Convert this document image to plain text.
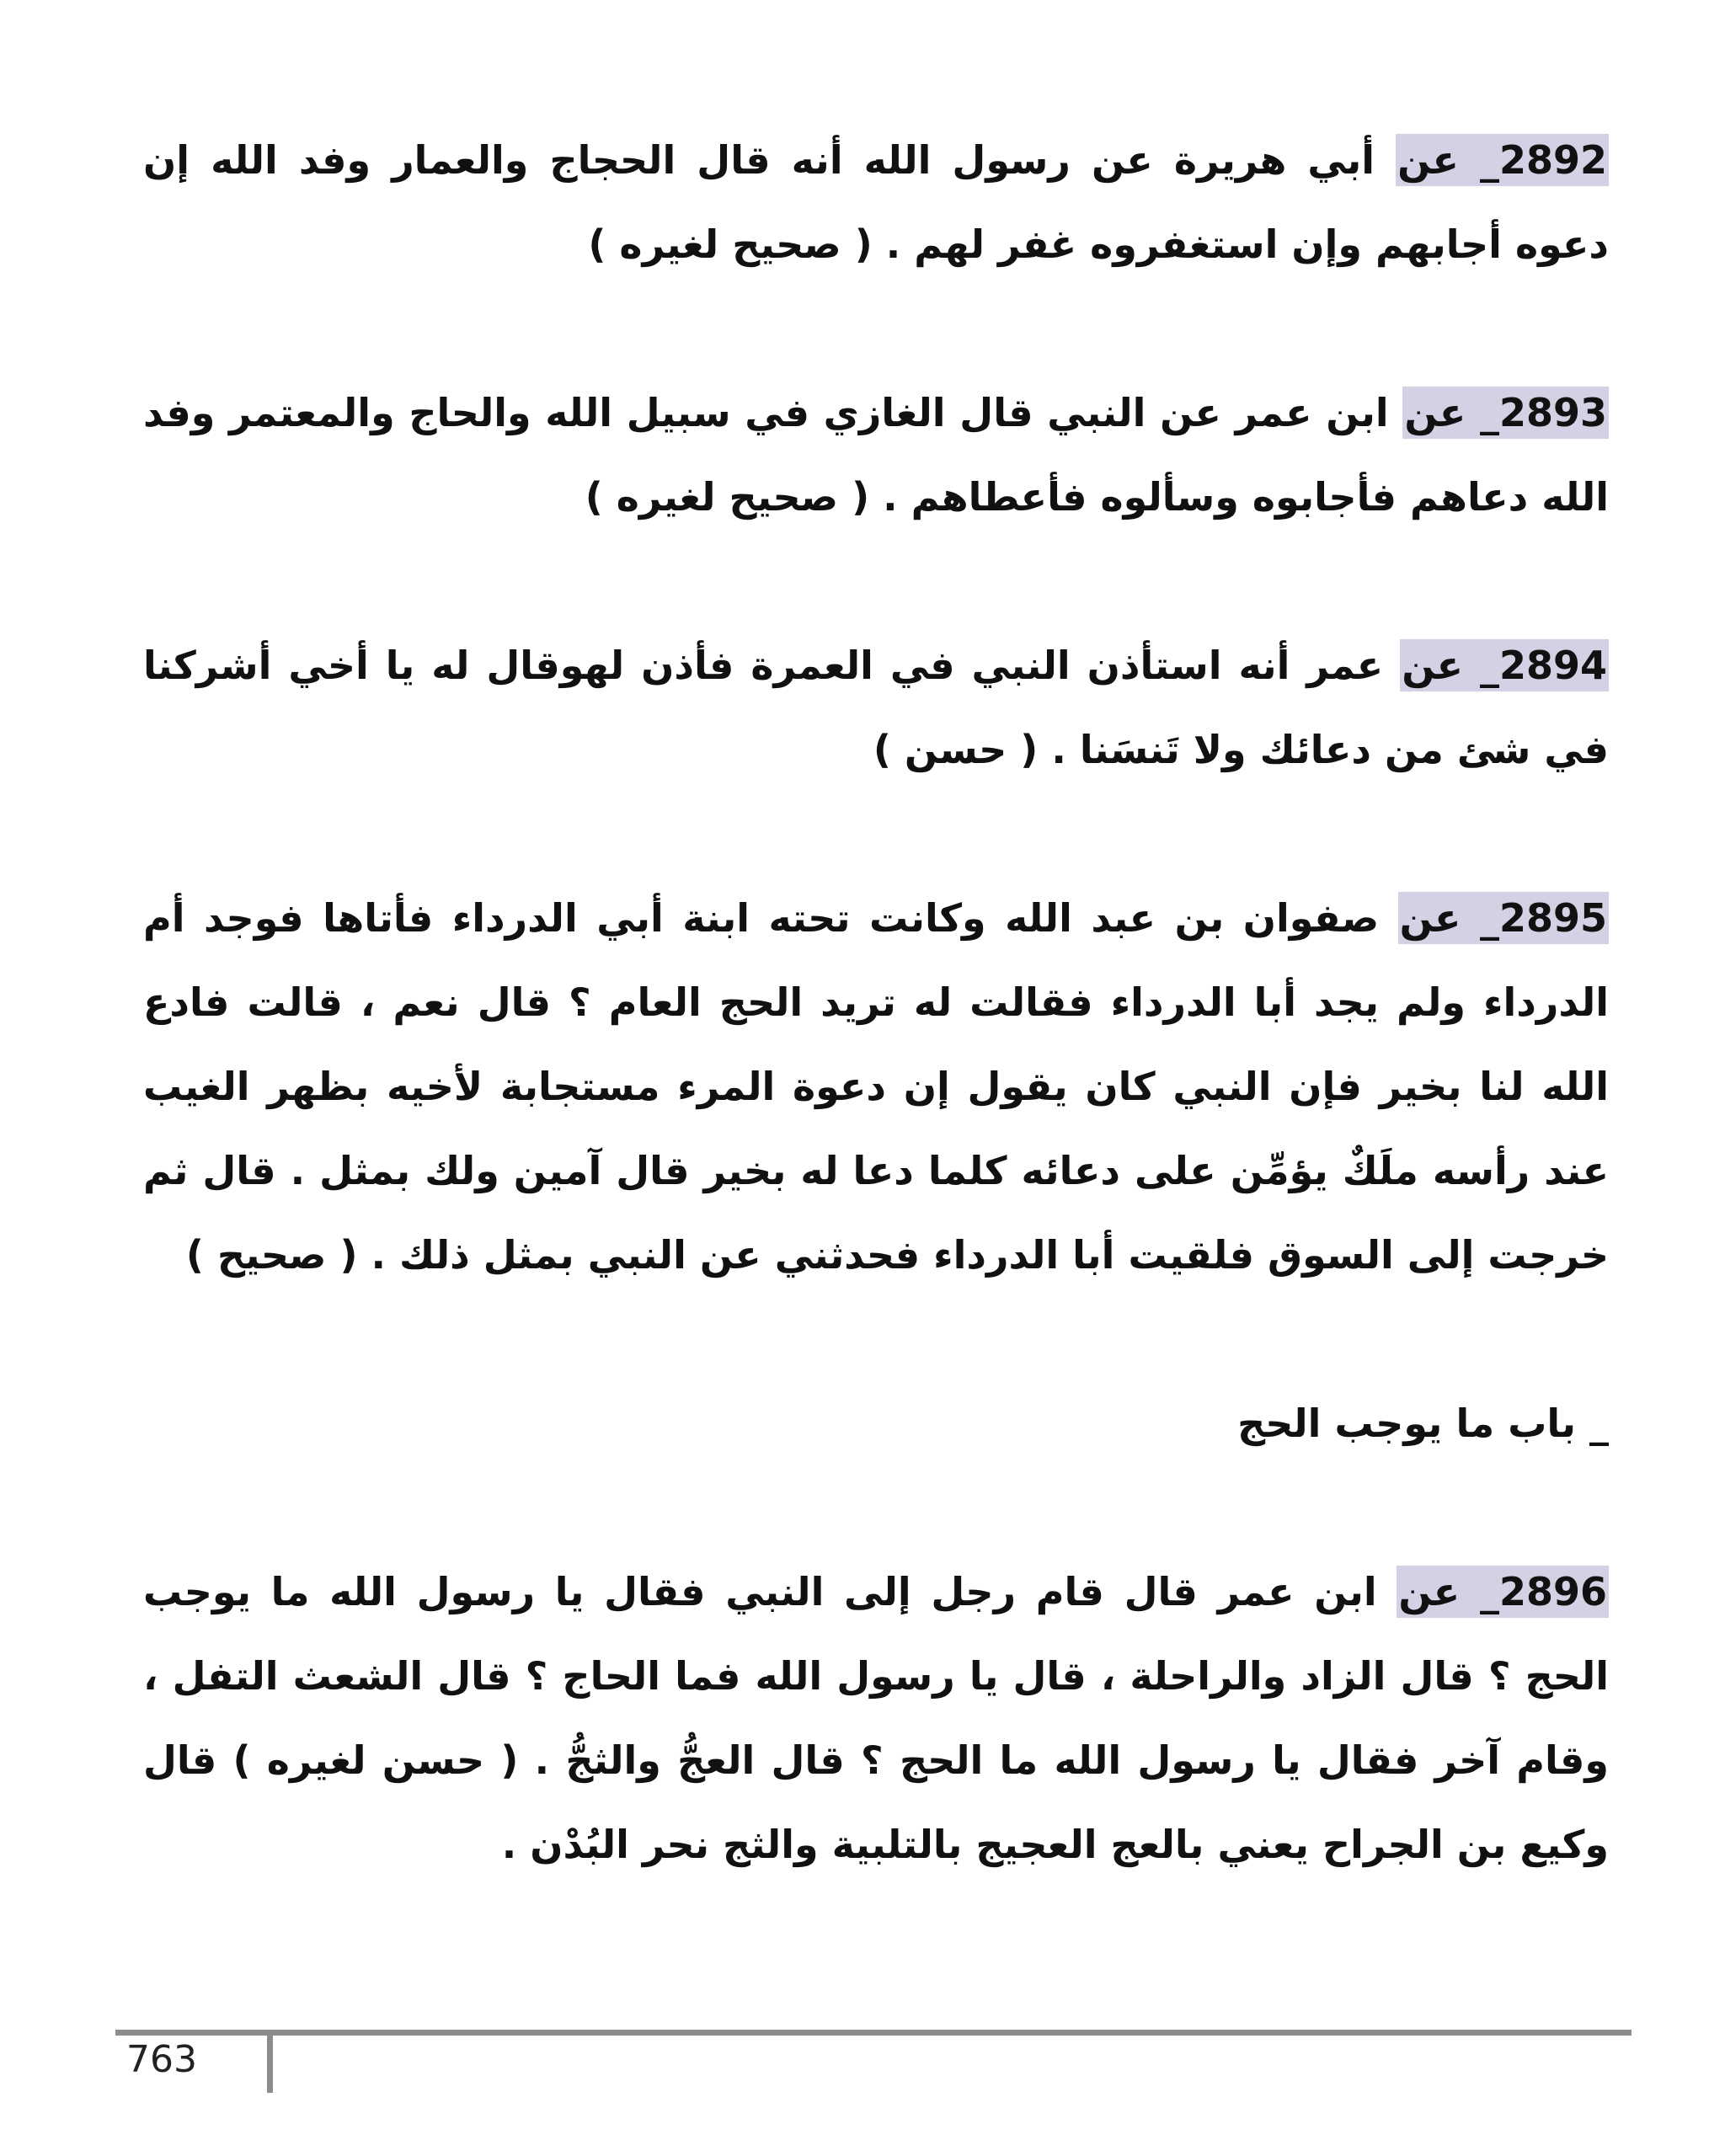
2892_ عن أبي هريرة عن رسول الله أنه قال الحجاج والعمار وفد الله إن دعوه أجابهم وإن استغفروه غفر لهم . ( صحيح لغيره )

2893_ عن ابن عمر عن النبي قال الغازي في سبيل الله والحاج والمعتمر وفد الله دعاهم فأجابوه وسألوه فأعطاهم . ( صحيح لغيره )

2894_ عن عمر أنه استأذن النبي في العمرة فأذن لهوقال له يا أخي أشركنا في شئ من دعائك ولا تَنسَنا . ( حسن )

2895_ عن صفوان بن عبد الله وكانت تحته ابنة أبي الدرداء فأتاها فوجد أم الدرداء ولم يجد أبا الدرداء فقالت له تريد الحج العام ؟ قال نعم ، قالت فادع الله لنا بخير فإن النبي كان يقول إن دعوة المرء مستجابة لأخيه بظهر الغيب عند رأسه ملَكٌ يؤمِّن على دعائه كلما دعا له بخير قال آمين ولك بمثل . قال ثم خرجت إلى السوق فلقيت أبا الدرداء فحدثني عن النبي بمثل ذلك . ( صحيح )

_ باب ما يوجب الحج

2896_ عن ابن عمر قال قام رجل إلى النبي فقال يا رسول الله ما يوجب الحج ؟ قال الزاد والراحلة ، قال يا رسول الله فما الحاج ؟ قال الشعث التفل ، وقام آخر فقال يا رسول الله ما الحج ؟ قال العجُّ والثجُّ . ( حسن لغيره ) قال وكيع بن الجراح يعني بالعج العجيج بالتلبية والثج نحر البُدْن .

763
